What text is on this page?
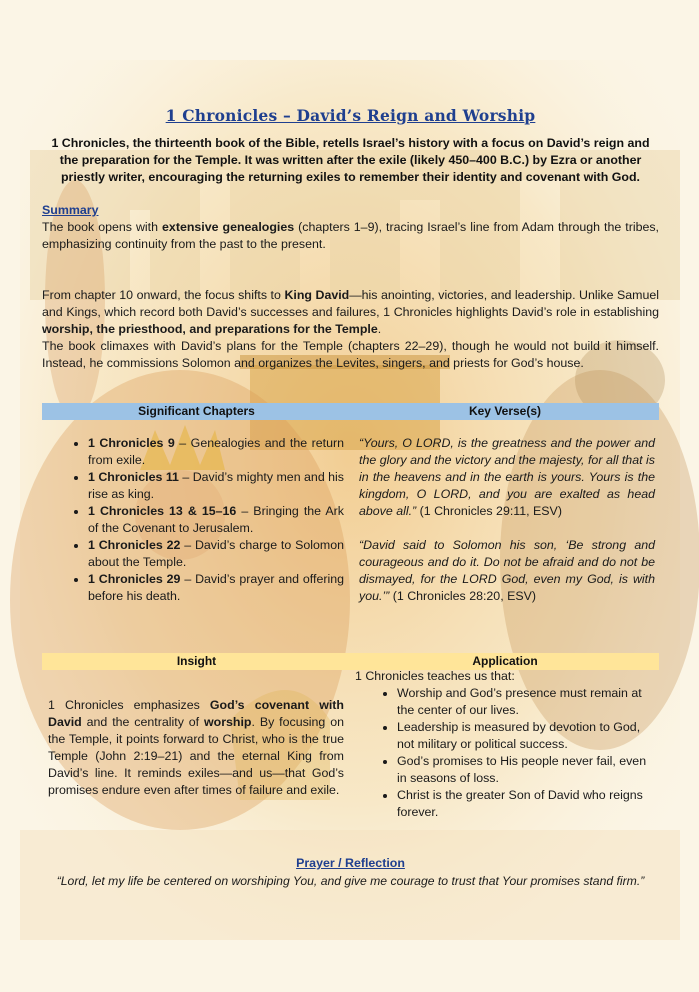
1 Chronicles – David’s Reign and Worship
1 Chronicles, the thirteenth book of the Bible, retells Israel’s history with a focus on David’s reign and the preparation for the Temple. It was written after the exile (likely 450–400 B.C.) by Ezra or another priestly writer, encouraging the returning exiles to remember their identity and covenant with God.
Summary
The book opens with extensive genealogies (chapters 1–9), tracing Israel’s line from Adam through the tribes, emphasizing continuity from the past to the present.
From chapter 10 onward, the focus shifts to King David—his anointing, victories, and leadership. Unlike Samuel and Kings, which record both David’s successes and failures, 1 Chronicles highlights David’s role in establishing worship, the priesthood, and preparations for the Temple.
The book climaxes with David’s plans for the Temple (chapters 22–29), though he would not build it himself. Instead, he commissions Solomon and organizes the Levites, singers, and priests for God’s house.
Significant Chapters	Key Verse(s)
• 1 Chronicles 9 – Genealogies and the return from exile.
• 1 Chronicles 11 – David’s mighty men and his rise as king.
• 1 Chronicles 13 & 15–16 – Bringing the Ark of the Covenant to Jerusalem.
• 1 Chronicles 22 – David’s charge to Solomon about the Temple.
• 1 Chronicles 29 – David’s prayer and offering before his death.
“Yours, O LORD, is the greatness and the power and the glory and the victory and the majesty, for all that is in the heavens and in the earth is yours. Yours is the kingdom, O LORD, and you are exalted as head above all.” (1 Chronicles 29:11, ESV)
“David said to Solomon his son, ‘Be strong and courageous and do it. Do not be afraid and do not be dismayed, for the LORD God, even my God, is with you.’” (1 Chronicles 28:20, ESV)
Insight	Application
1 Chronicles emphasizes God’s covenant with David and the centrality of worship. By focusing on the Temple, it points forward to Christ, who is the true Temple (John 2:19–21) and the eternal King from David’s line. It reminds exiles—and us—that God’s promises endure even after times of failure and exile.
1 Chronicles teaches us that:
• Worship and God’s presence must remain at the center of our lives.
• Leadership is measured by devotion to God, not military or political success.
• God’s promises to His people never fail, even in seasons of loss.
• Christ is the greater Son of David who reigns forever.
Prayer / Reflection
“Lord, let my life be centered on worshiping You, and give me courage to trust that Your promises stand firm.”
